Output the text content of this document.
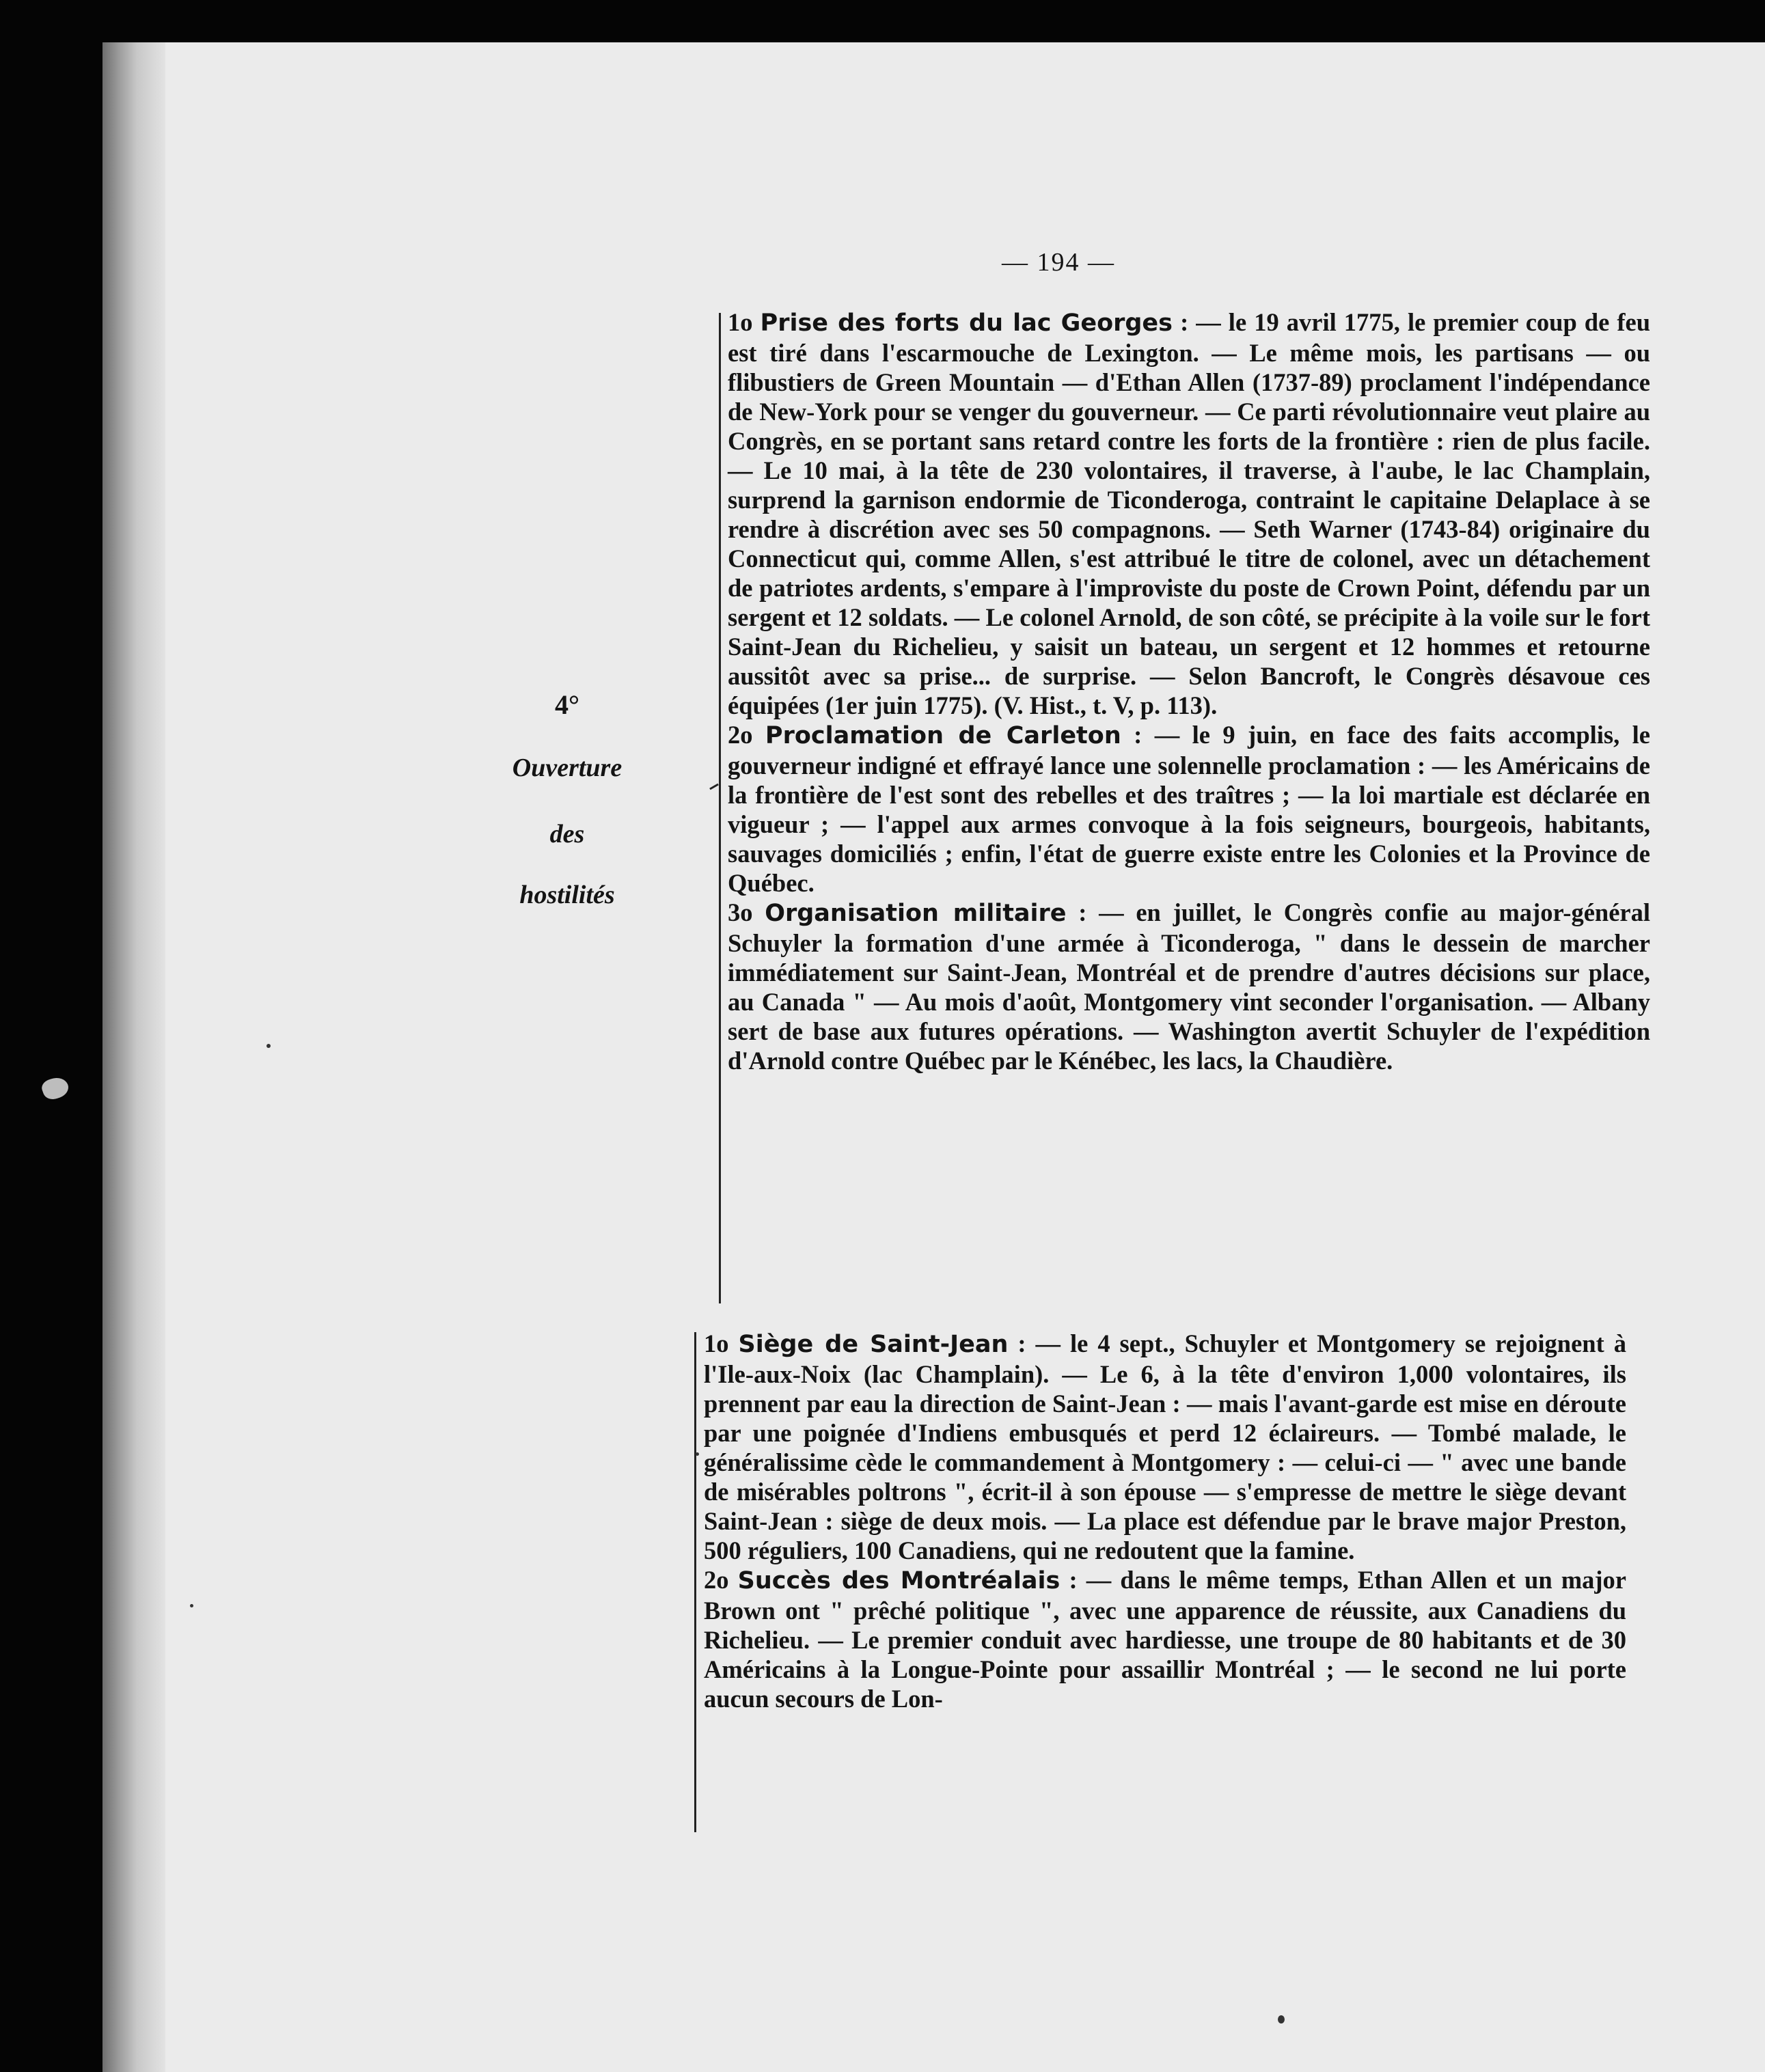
— 194 —
4°
Ouverture
des
hostilités

1o Prise des forts du lac Georges : — le 19 avril 1775, le premier coup de feu est tiré dans l'escarmouche de Lexington. — Le même mois, les partisans — ou flibustiers de Green Mountain — d'Ethan Allen (1737-89) proclament l'indépendance de New-York pour se venger du gouverneur. — Ce parti révolutionnaire veut plaire au Congrès, en se portant sans retard contre les forts de la frontière : rien de plus facile. — Le 10 mai, à la tête de 230 volontaires, il traverse, à l'aube, le lac Champlain, surprend la garnison endormie de Ticonderoga, contraint le capitaine Delaplace à se rendre à discrétion avec ses 50 compagnons. — Seth Warner (1743-84) originaire du Connecticut qui, comme Allen, s'est attribué le titre de colonel, avec un détachement de patriotes ardents, s'empare à l'improviste du poste de Crown Point, défendu par un sergent et 12 soldats. — Le colonel Arnold, de son côté, se précipite à la voile sur le fort Saint-Jean du Richelieu, y saisit un bateau, un sergent et 12 hommes et retourne aussitôt avec sa prise... de surprise. — Selon Bancroft, le Congrès désavoue ces équipées (1er juin 1775). (V. Hist., t. V, p. 113).

2o Proclamation de Carleton : — le 9 juin, en face des faits accomplis, le gouverneur indigné et effrayé lance une solennelle proclamation : — les Américains de la frontière de l'est sont des rebelles et des traîtres ; — la loi martiale est déclarée en vigueur ; — l'appel aux armes convoque à la fois seigneurs, bourgeois, habitants, sauvages domiciliés ; enfin, l'état de guerre existe entre les Colonies et la Province de Québec.

3o Organisation militaire : — en juillet, le Congrès confie au major-général Schuyler la formation d'une armée à Ticonderoga, " dans le dessein de marcher immédiatement sur Saint-Jean, Montréal et de prendre d'autres décisions sur place, au Canada " — Au mois d'août, Montgomery vint seconder l'organisation. — Albany sert de base aux futures opérations. — Washington avertit Schuyler de l'expédition d'Arnold contre Québec par le Kénébec, les lacs, la Chaudière.

1o Siège de Saint-Jean : — le 4 sept., Schuyler et Montgomery se rejoignent à l'Ile-aux-Noix (lac Champlain). — Le 6, à la tête d'environ 1,000 volontaires, ils prennent par eau la direction de Saint-Jean : — mais l'avant-garde est mise en déroute par une poignée d'Indiens embusqués et perd 12 éclaireurs. — Tombé malade, le généralissime cède le commandement à Montgomery : — celui-ci — " avec une bande de misérables poltrons ", écrit-il à son épouse — s'empresse de mettre le siège devant Saint-Jean : siège de deux mois. — La place est défendue par le brave major Preston, 500 réguliers, 100 Canadiens, qui ne redoutent que la famine.

2o Succès des Montréalais : — dans le même temps, Ethan Allen et un major Brown ont " prêché politique ", avec une apparence de réussite, aux Canadiens du Richelieu. — Le premier conduit avec hardiesse, une troupe de 80 habitants et de 30 Américains à la Longue-Pointe pour assaillir Montréal ; — le second ne lui porte aucun secours de Lon-
